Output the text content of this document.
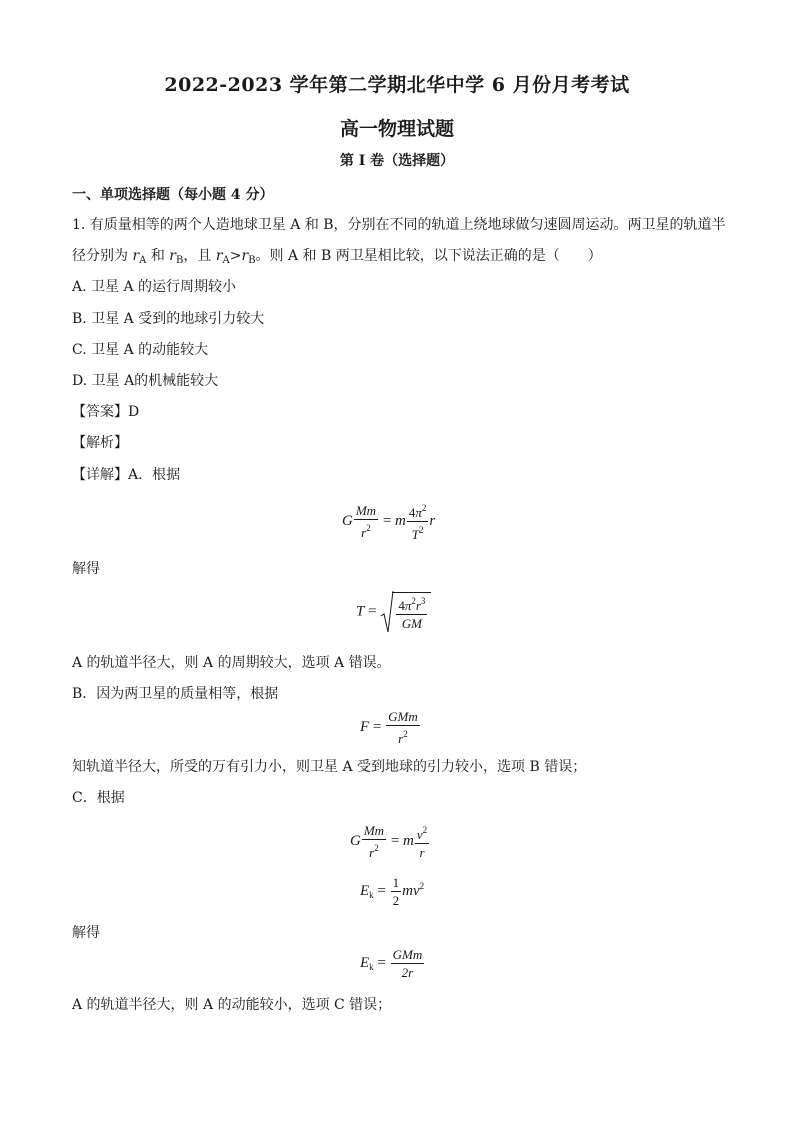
2022-2023 学年第二学期北华中学 6 月份月考考试
高一物理试题
第 I 卷（选择题）
一、单项选择题（每小题 4 分）
1. 有质量相等的两个人造地球卫星 A 和 B，分别在不同的轨道上绕地球做匀速圆周运动。两卫星的轨道半
径分别为 $r_A$ 和 $r_B$，且 $r_A>r_B$。则 A 和 B 两卫星相比较，以下说法正确的是（　　）
A. 卫星 A 的运行周期较小
B. 卫星 A 受到的地球引力较大
C. 卫星 A 的动能较大
D. 卫星 A的机械能较大
【答案】D
【解析】
【详解】A．根据
G $\frac{Mm}{r^2} = m \frac{4\pi^2}{T^2}$ r
解得
$T = \frac{4\pi^2r^3}{GM}$
A 的轨道半径大，则 A 的周期较大，选项 A 错误。
B．因为两卫星的质量相等，根据
$F = \frac{\text{GMm}}{r^2}$
知轨道半径大，所受的万有引力小，则卫星 A 受到地球的引力较小，选项 B 错误；
C．根据
G $\frac{Mm}{r^2} = m \frac{v^2}{r}$
$E_k = \frac{1}{2} mv^2$
解得
$E_k = \frac{\text{GMm}}{2r}$
A 的轨道半径大，则 A 的动能较小，选项 C 错误；
